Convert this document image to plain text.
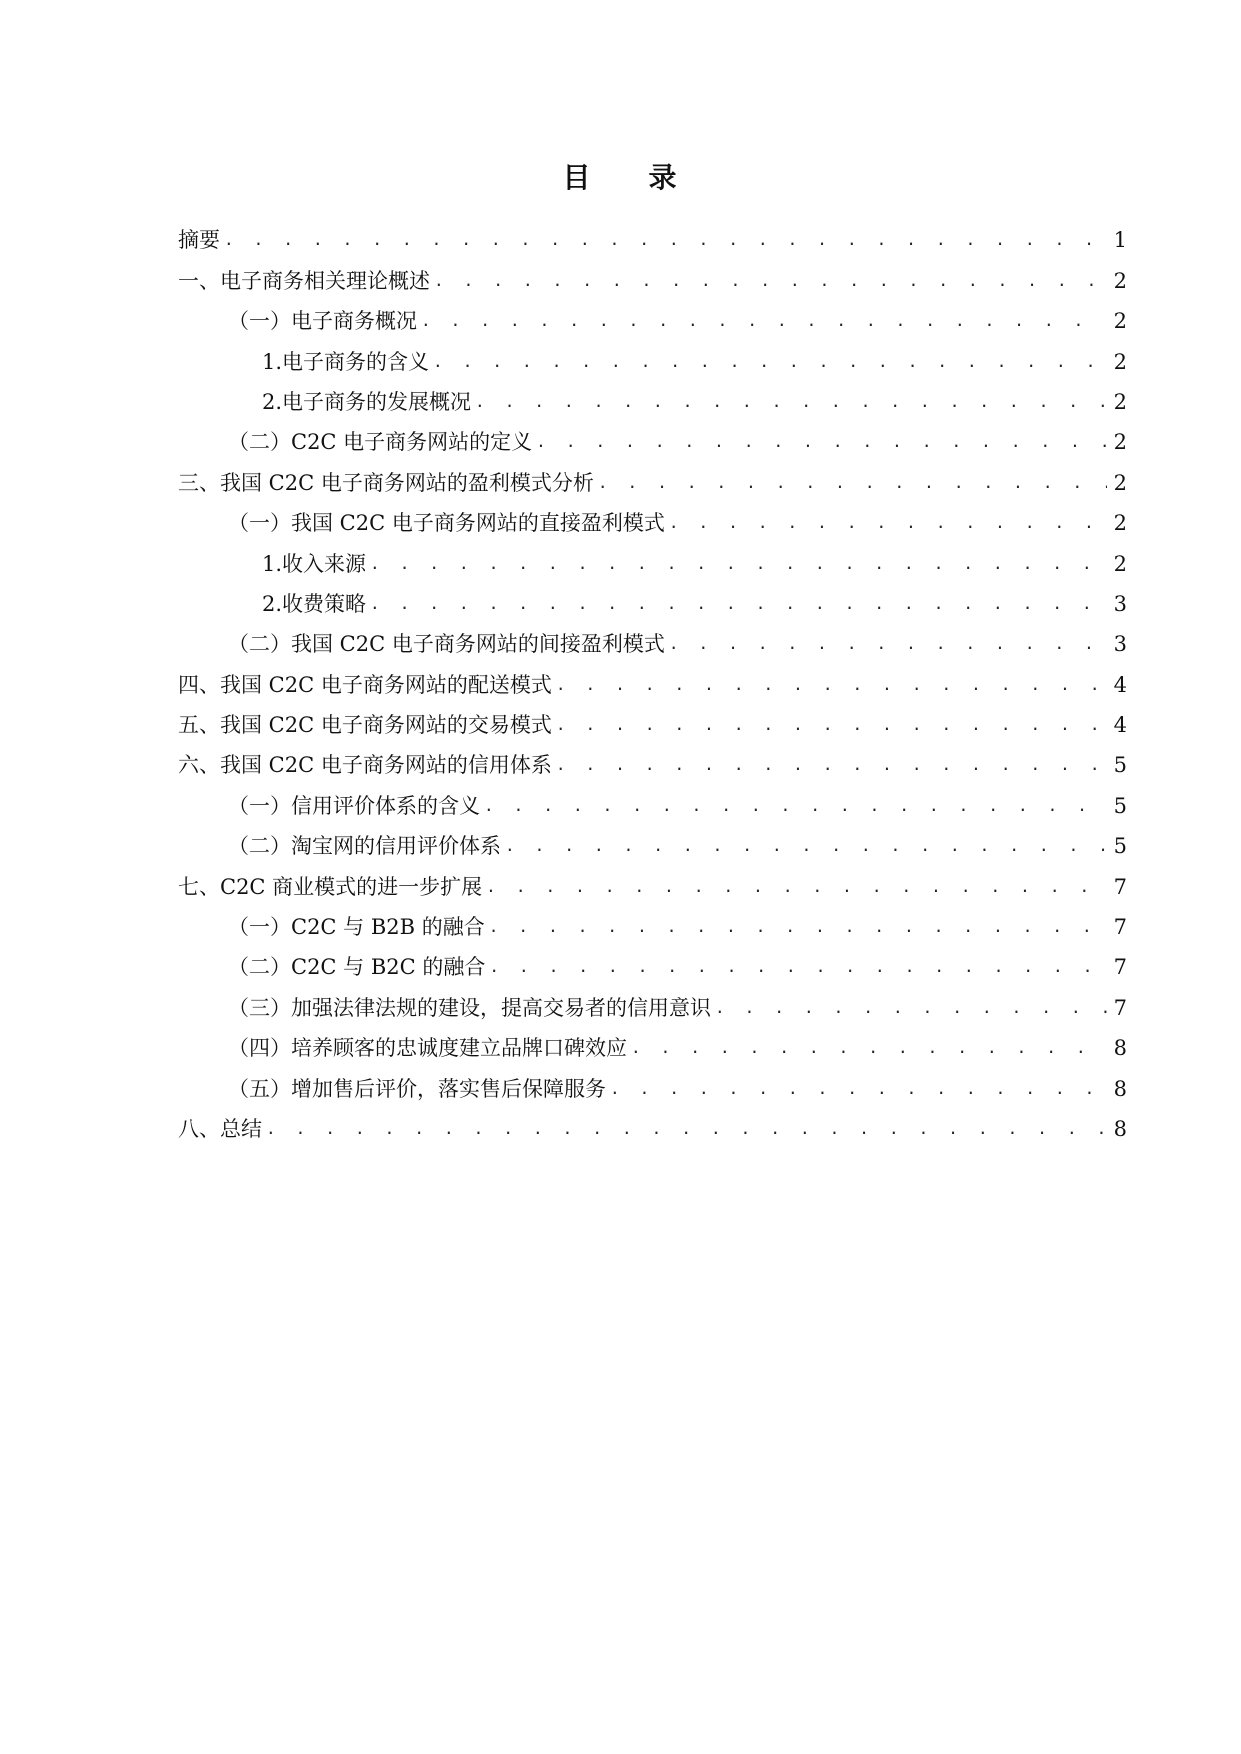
目 录
摘要 . . .	1
一、电子商务相关理论概述 . . .	2
（一）电子商务概况 . . .	2
1.电子商务的含义 . . .	2
2.电子商务的发展概况 . . .	2
（二）C2C 电子商务网站的定义 . . .	2
三、我国 C2C 电子商务网站的盈利模式分析 . . .	2
（一）我国 C2C 电子商务网站的直接盈利模式 . . .	2
1.收入来源 . . .	2
2.收费策略 . . .	3
（二）我国 C2C 电子商务网站的间接盈利模式 . . .	3
四、我国 C2C 电子商务网站的配送模式 . . .	4
五、我国 C2C 电子商务网站的交易模式 . . .	4
六、我国 C2C 电子商务网站的信用体系 . . .	5
（一）信用评价体系的含义 . . .	5
（二）淘宝网的信用评价体系 . . .	5
七、C2C 商业模式的进一步扩展 . . .	7
（一）C2C 与 B2B 的融合 . . .	7
（二）C2C 与 B2C 的融合 . . .	7
（三）加强法律法规的建设，提高交易者的信用意识 . . .	7
（四）培养顾客的忠诚度建立品牌口碑效应 . . .	8
（五）增加售后评价，落实售后保障服务 . . .	8
八、总结 . . .	8
